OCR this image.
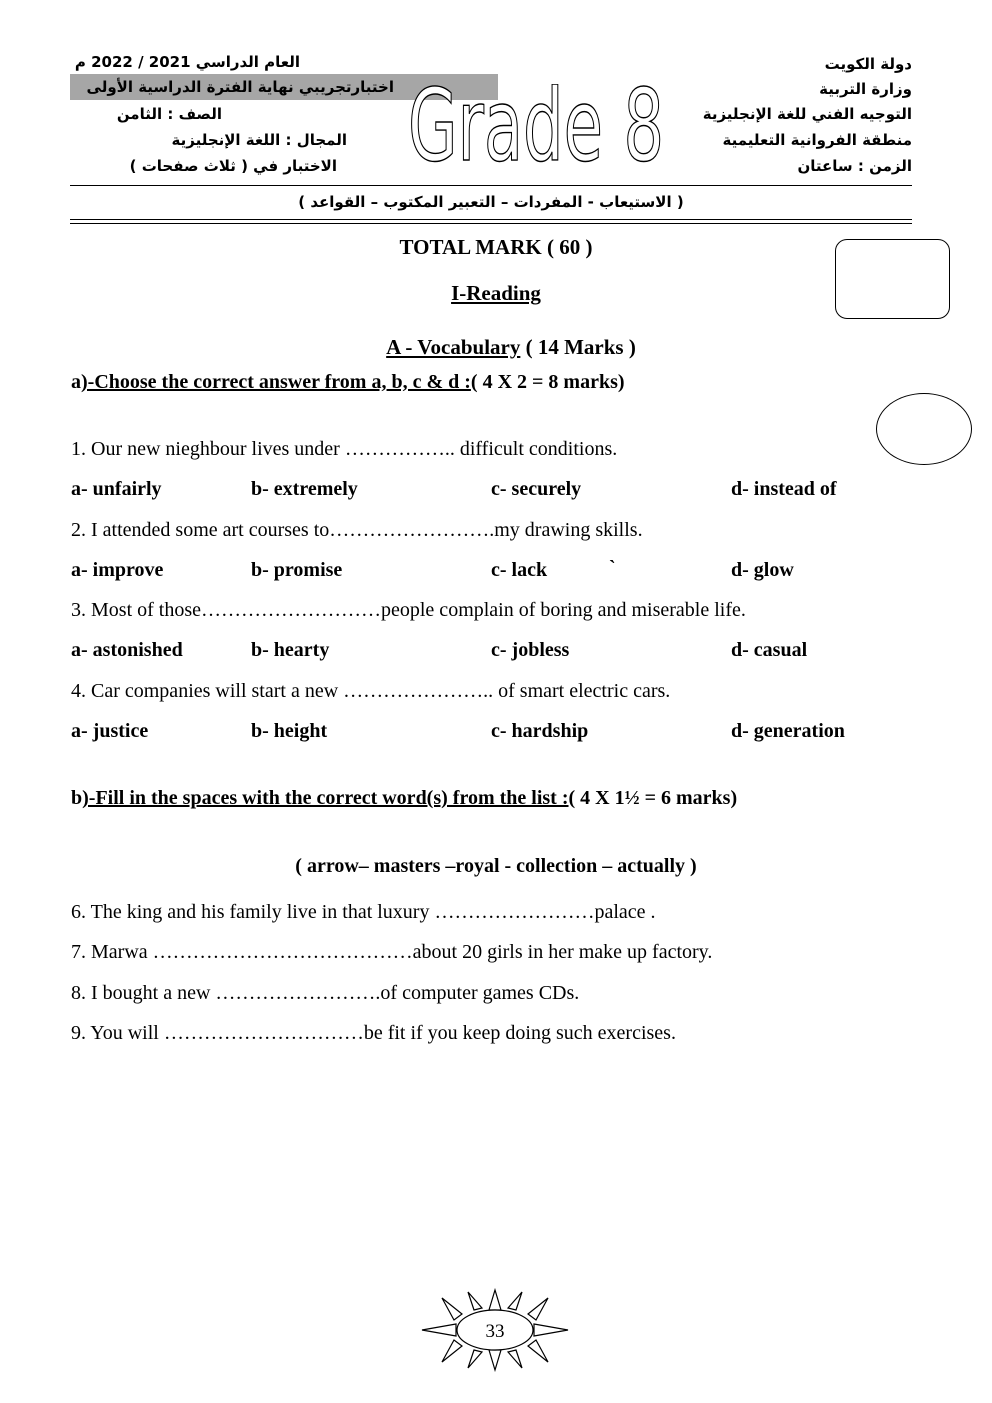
دولة الكويت
وزارة التربية
التوجيه الفني للغة الإنجليزية
منطقة الفروانية التعليمية
الزمن : ساعتان
العام الدراسي 2021 / 2022 م
اختبارتجريبي نهاية الفترة الدراسية الأولى
الصف : الثامن
المجال : اللغة الإنجليزية
الاختبار في ( ثلاث صفحات ) Grade 8
( الاستيعاب - المفردات – التعبير المكتوب – القواعد )
TOTAL MARK ( 60 )
I-Reading
A - Vocabulary ( 14 Marks )
a)-Choose the correct answer from a, b, c & d :( 4 X 2 = 8 marks)
1. Our new nieghbour lives under …………….. difficult conditions.
a- unfairly	b- extremely	c- securely	d- instead of
2. I attended some art courses to…………………….my drawing skills.
a- improve	b- promise	c- lack	`	d- glow
3. Most of those………………………people complain of boring and miserable life.
a- astonished	b- hearty	c- jobless	d- casual
4. Car companies will start a new ………………….. of smart electric cars.
a- justice	b- height	c- hardship	d- generation
b)-Fill in the spaces with the correct word(s) from the list :( 4 X 1½ = 6 marks)
( arrow– masters –royal - collection – actually )
6. The king and his family live in that luxury ……………………palace .
7. Marwa …………………………………about 20 girls in her make up factory.
8. I bought a new …………………….of computer games CDs.
9. You will …………………………be fit if you keep doing such exercises.
33
